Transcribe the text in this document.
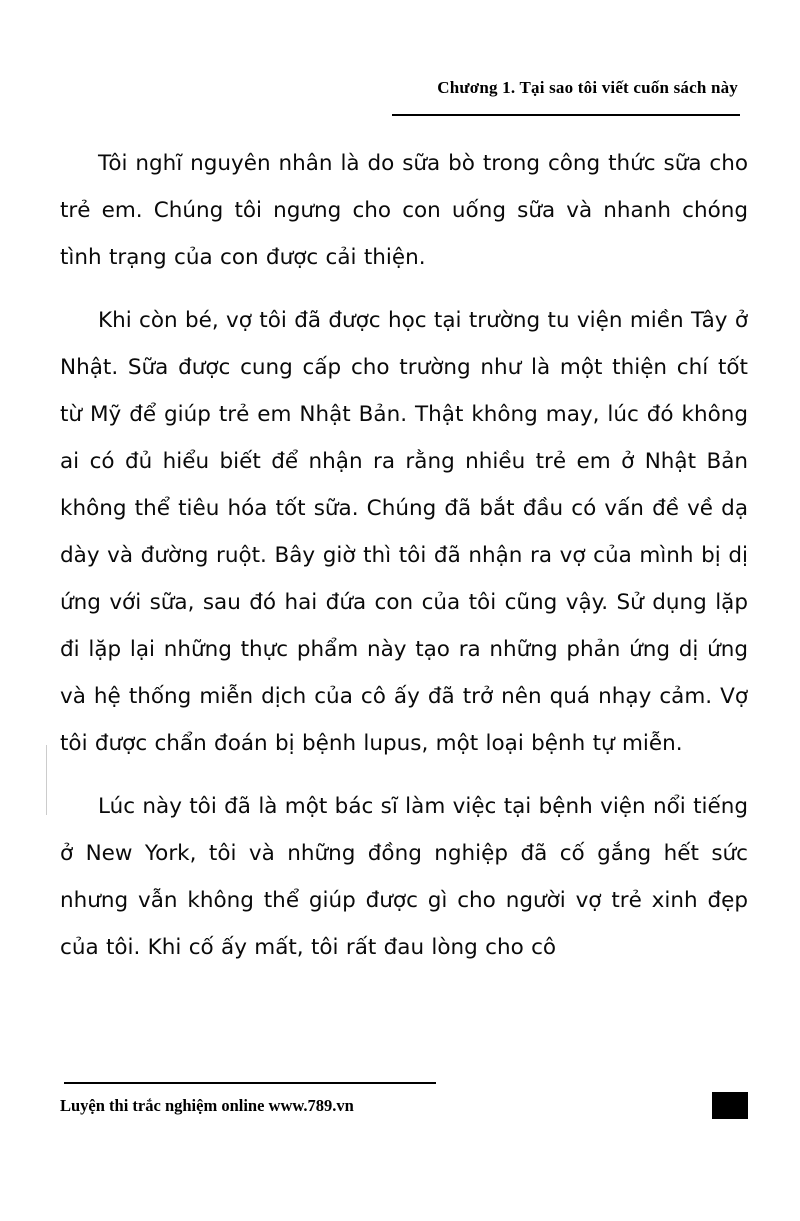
Chương 1. Tại sao tôi viết cuốn sách này

Tôi nghĩ nguyên nhân là do sữa bò trong công thức sữa cho trẻ em. Chúng tôi ngưng cho con uống sữa và nhanh chóng tình trạng của con được cải thiện.

Khi còn bé, vợ tôi đã được học tại trường tu viện miền Tây ở Nhật. Sữa được cung cấp cho trường như là một thiện chí tốt từ Mỹ để giúp trẻ em Nhật Bản. Thật không may, lúc đó không ai có đủ hiểu biết để nhận ra rằng nhiều trẻ em ở Nhật Bản không thể tiêu hóa tốt sữa. Chúng đã bắt đầu có vấn đề về dạ dày và đường ruột. Bây giờ thì tôi đã nhận ra vợ của mình bị dị ứng với sữa, sau đó hai đứa con của tôi cũng vậy. Sử dụng lặp đi lặp lại những thực phẩm này tạo ra những phản ứng dị ứng và hệ thống miễn dịch của cô ấy đã trở nên quá nhạy cảm. Vợ tôi được chẩn đoán bị bệnh lupus, một loại bệnh tự miễn.

Lúc này tôi đã là một bác sĩ làm việc tại bệnh viện nổi tiếng ở New York, tôi và những đồng nghiệp đã cố gắng hết sức nhưng vẫn không thể giúp được gì cho người vợ trẻ xinh đẹp của tôi. Khi cố ấy mất, tôi rất đau lòng cho cô

Luyện thi trắc nghiệm online www.789.vn
